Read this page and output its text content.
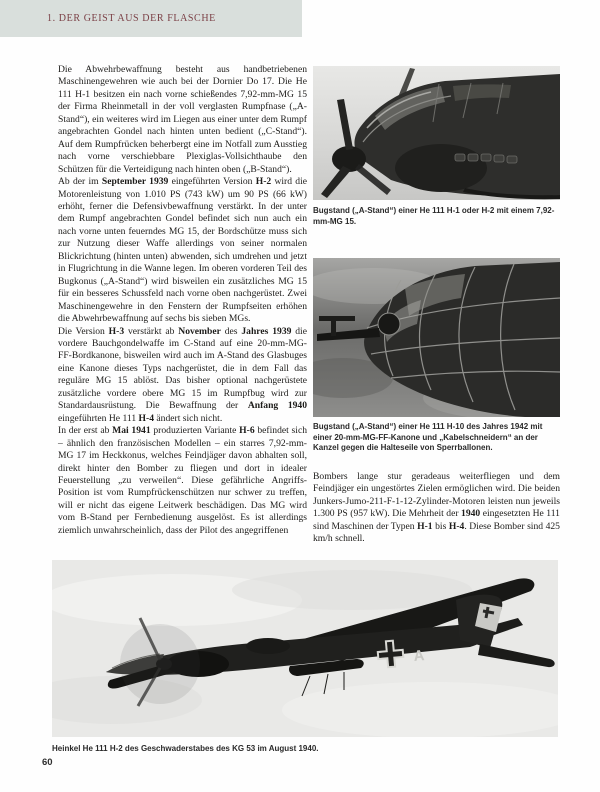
1. DER GEIST AUS DER FLASCHE

Die Abwehrbewaffnung besteht aus handbetriebenen Maschinengewehren wie auch bei der Dornier Do 17. Die He 111 H-1 besitzen ein nach vorne schießendes 7,92-mm-MG 15 der Firma Rheinmetall in der voll verglasten Rumpfnase („A-Stand“), ein weiteres wird im Liegen aus einer unter dem Rumpf angebrachten Gondel nach hinten unten bedient („C-Stand“). Auf dem Rumpfrücken beherbergt eine im Notfall zum Ausstieg nach vorne verschiebbare Plexiglas-Vollsichthaube den Schützen für die Verteidigung nach hinten oben („B-Stand“).

Ab der im September 1939 eingeführten Version H-2 wird die Motorenleistung von 1.010 PS (743 kW) um 90 PS (66 kW) erhöht, ferner die Defensivbewaffnung verstärkt. In der unter dem Rumpf angebrachten Gondel befindet sich nun auch ein nach vorne unten feuerndes MG 15, der Bordschütze muss sich zur Nutzung dieser Waffe allerdings von seiner normalen Blickrichtung (hinten unten) abwenden, sich umdrehen und jetzt in Flugrichtung in die Wanne legen. Im oberen vorderen Teil des Bugkonus („A-Stand“) wird bisweilen ein zusätzliches MG 15 für ein besseres Schussfeld nach vorne oben nachgerüstet. Zwei Maschinengewehre in den Fenstern der Rumpfseiten erhöhen die Abwehrbewaffnung auf sechs bis sieben MGs.

Die Version H-3 verstärkt ab November des Jahres 1939 die vordere Bauchgondelwaffe im C-Stand auf eine 20-mm-MG-FF-Bordkanone, bisweilen wird auch im A-Stand des Glasbuges eine Kanone dieses Typs nachgerüstet, die in dem Fall das reguläre MG 15 ablöst. Das bisher optional nachgerüstete zusätzliche vordere obere MG 15 im Rumpfbug wird zur Standardausrüstung. Die Bewaffnung der Anfang 1940 eingeführten He 111 H-4 ändert sich nicht.

In der erst ab Mai 1941 produzierten Variante H-6 befindet sich – ähnlich den französischen Modellen – ein starres 7,92-mm-MG 17 im Heckkonus, welches Feindjäger davon abhalten soll, direkt hinter den Bomber zu fliegen und dort in idealer Feuerstellung „zu verweilen“. Diese gefährliche Angriffs-Position ist vom Rumpfrückenschützen nur schwer zu treffen, will er nicht das eigene Leitwerk beschädigen. Das MG wird vom B-Stand per Fernbedienung ausgelöst. Es ist allerdings ziemlich unwahrscheinlich, dass der Pilot des angegriffenen

Bugstand („A-Stand“) einer He 111 H-1 oder H-2 mit einem 7,92-mm-MG 15.
Bugstand („A-Stand“) einer He 111 H-10 des Jahres 1942 mit einer 20-mm-MG-FF-Kanone und „Kabelschneidern“ an der Kanzel gegen die Halteseile von Sperrballonen.

Bombers lange stur geradeaus weiterfliegen und dem Feindjäger ein ungestörtes Zielen ermöglichen wird. Die beiden Junkers-Jumo-211-F-1-12-Zylinder-Motoren leisten nun jeweils 1.300 PS (957 kW). Die Mehrheit der 1940 eingesetzten He 111 sind Maschinen der Typen H-1 bis H-4. Diese Bomber sind 425 km/h schnell.

A
Heinkel He 111 H-2 des Geschwaderstabes des KG 53 im August 1940.
60
